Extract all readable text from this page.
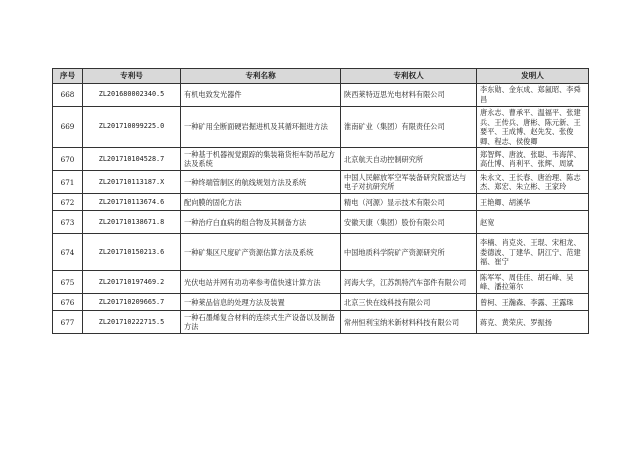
序号	专利号	专利名称	专利权人	发明人
668	ZL201680002340.5	有机电致发光器件	陕西莱特迈思光电材料有限公司	李东勋、金东成、郑氤昭、李舜昌
669	ZL201710099225.0	一种矿用全断面硬岩掘进机及其循环掘进方法	淮南矿业（集团）有限责任公司	唐永志、曹承平、温福平、张建兵、王传兵、唐彬、陈元新、王要平、王成博、赵先发、张俊卿、程志、侯俊卿
670	ZL201710104528.7	一种基于机器视觉跟踪的集装箱货柜车防吊起方法及系统	北京航天自动控制研究所	郑智辉、唐波、张聪、韦海萍、高仕博、肖利平、张辉、周斌
671	ZL201710113187.X	一种终端管制区的航线规划方法及系统	中国人民解放军空军装备研究院雷达与电子对抗研究所	朱永文、王长春、唐治理、陈志杰、郑宏、朱立彬、王家玲
672	ZL201710113674.6	配向膜的固化方法	精电（河源）显示技术有限公司	王艳卿、胡溪华
673	ZL201710138671.8	一种治疗白血病的组合物及其制备方法	安徽天康（集团）股份有限公司	赵宽
674	ZL201710150213.6	一种矿集区尺度矿产资源估算方法及系统	中国地质科学院矿产资源研究所	李楠、肖克炎、王琨、宋相龙、娄德波、丁建华、阴江宁、范建福、崔宁
675	ZL201710197469.2	光伏电站并网有功功率参考值快速计算方法	河海大学，江苏凯特汽车部件有限公司	陈军军、周佳佳、胡石峰、吴峰、潘拉第尔
676	ZL201710209665.7	一种莱品信息的处理方法及装置	北京三快在线科技有限公司	曾柯、王瀚森、李露、王露珠
677	ZL201710222715.5	一种石墨烯复合材料的连续式生产设备以及制备方法	常州恒利宝纳米新材料科技有限公司	蒋克、黄荣庆、罗振扬
